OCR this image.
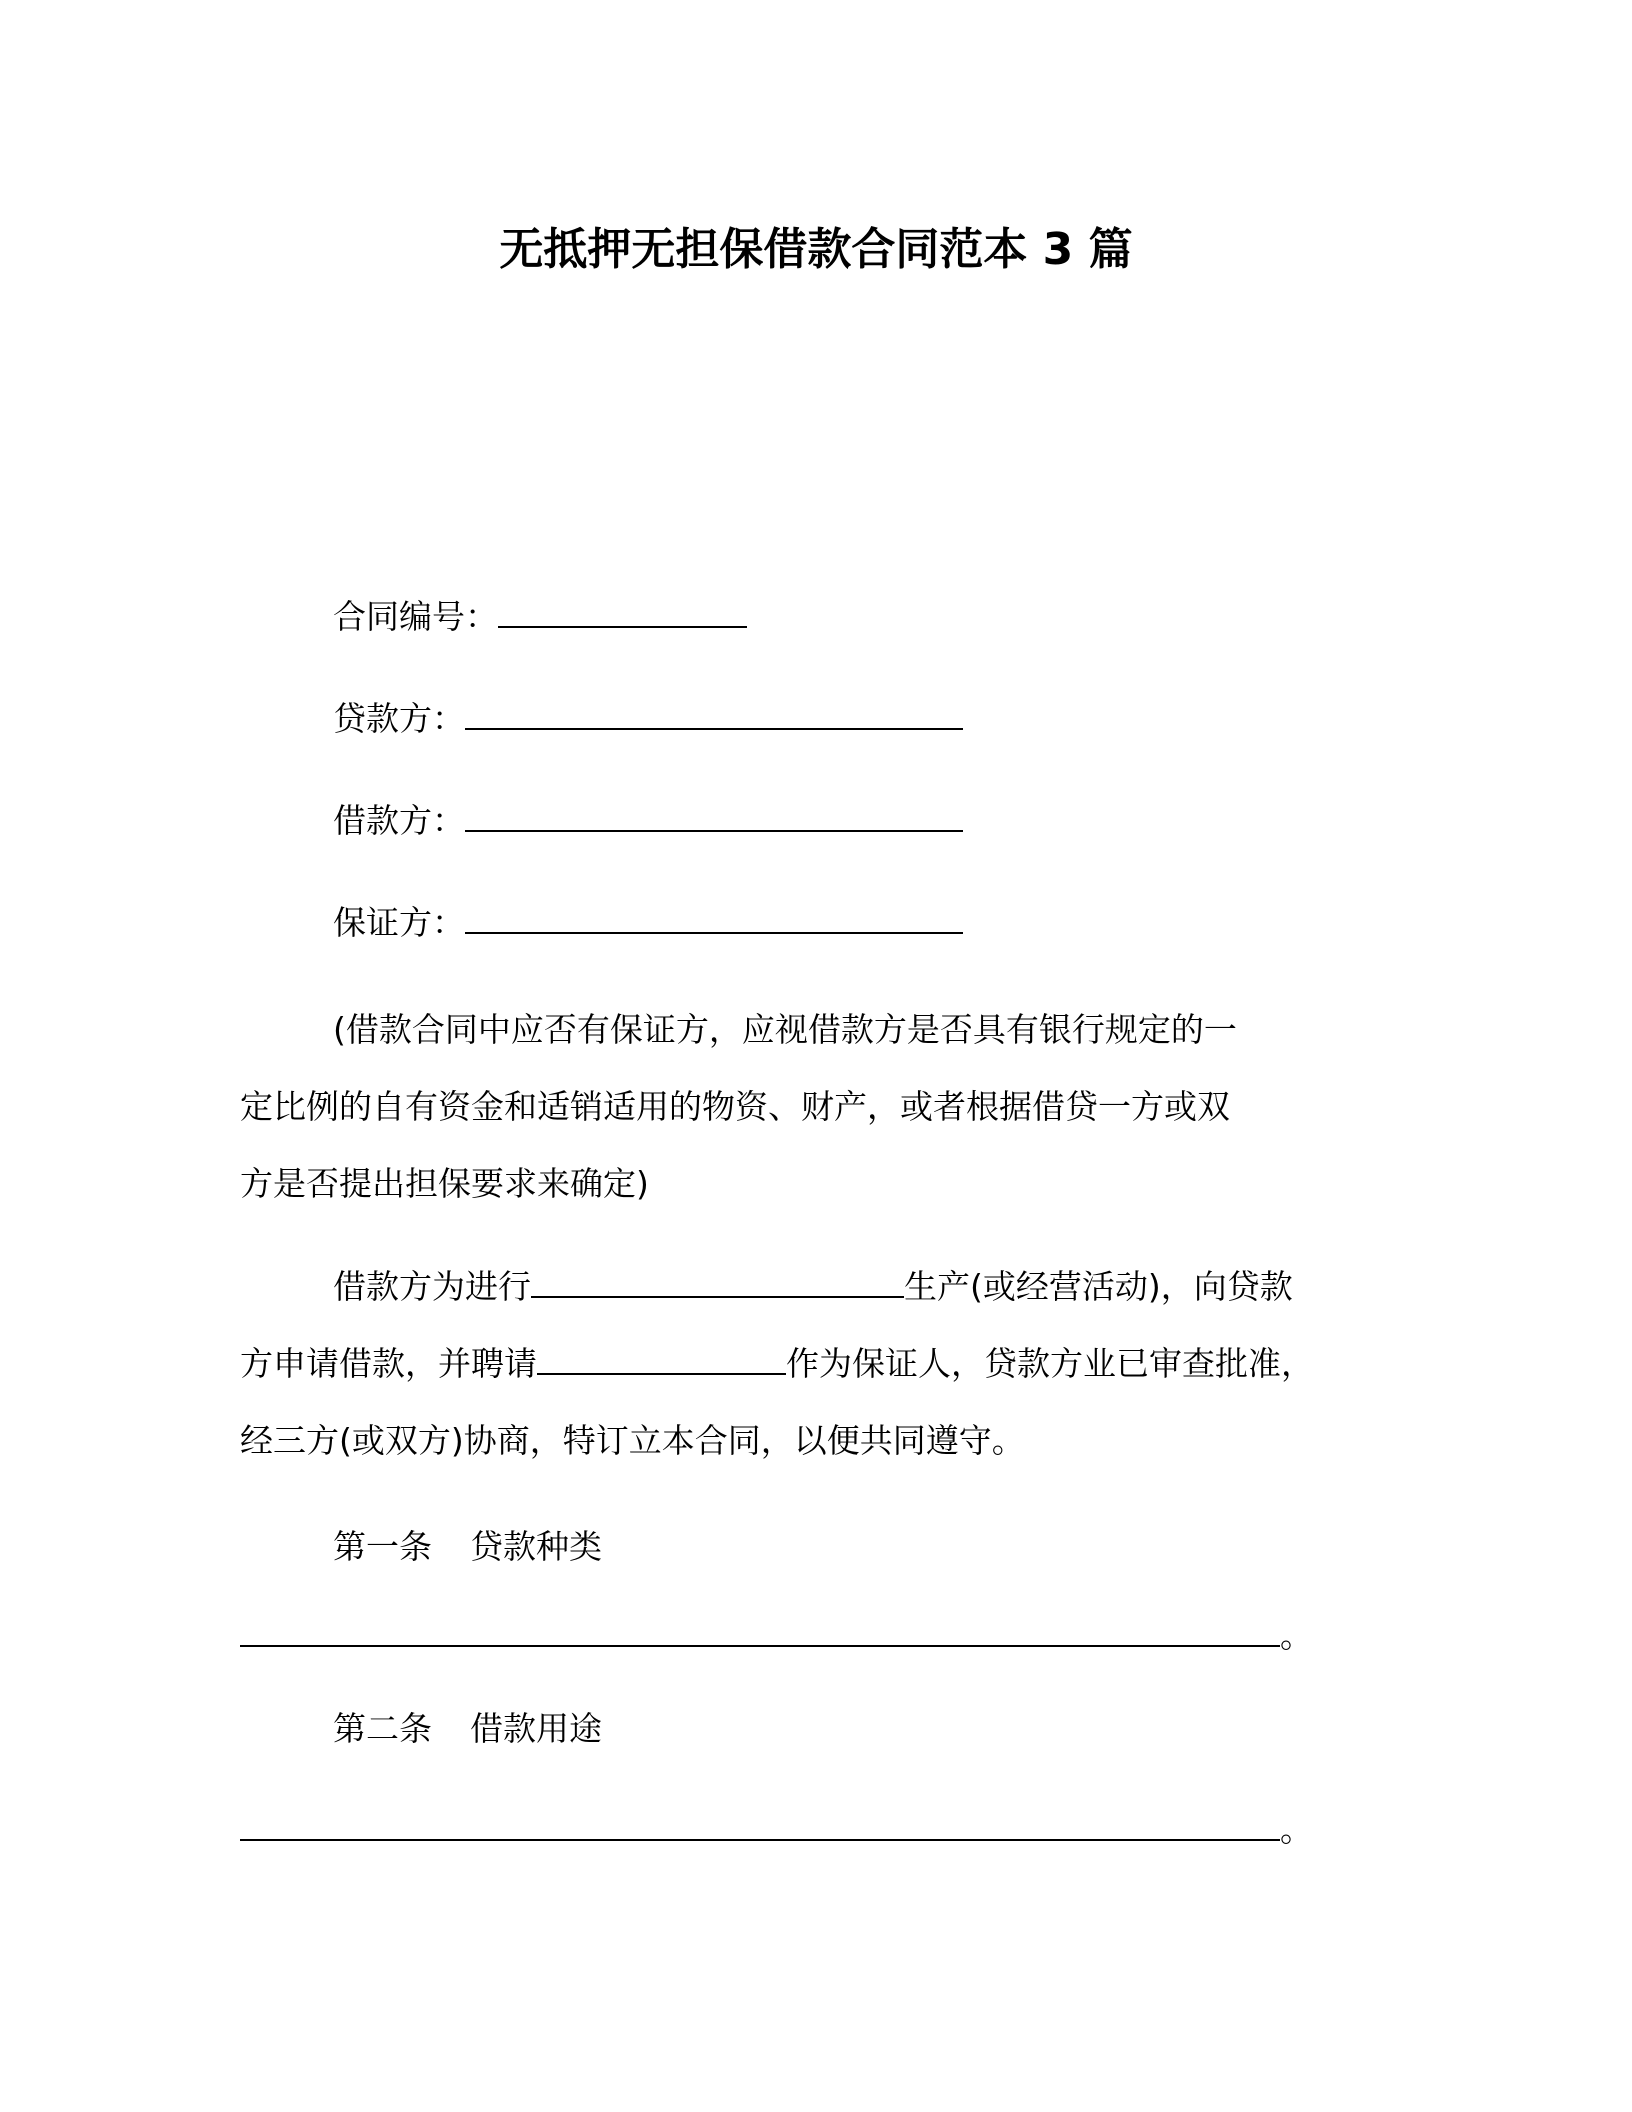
无抵押无担保借款合同范本 3 篇

合同编号：

贷款方：

借款方：

保证方：

(借款合同中应否有保证方，应视借款方是否具有银行规定的一

定比例的自有资金和适销适用的物资、财产，或者根据借贷一方或双

方是否提出担保要求来确定)

借款方为进行	生产(或经营活动)，向贷款

方申请借款，并聘请	作为保证人，贷款方业已审查批准，

经三方(或双方)协商，特订立本合同，以便共同遵守。

第一条 贷款种类

。

第二条 借款用途

。
